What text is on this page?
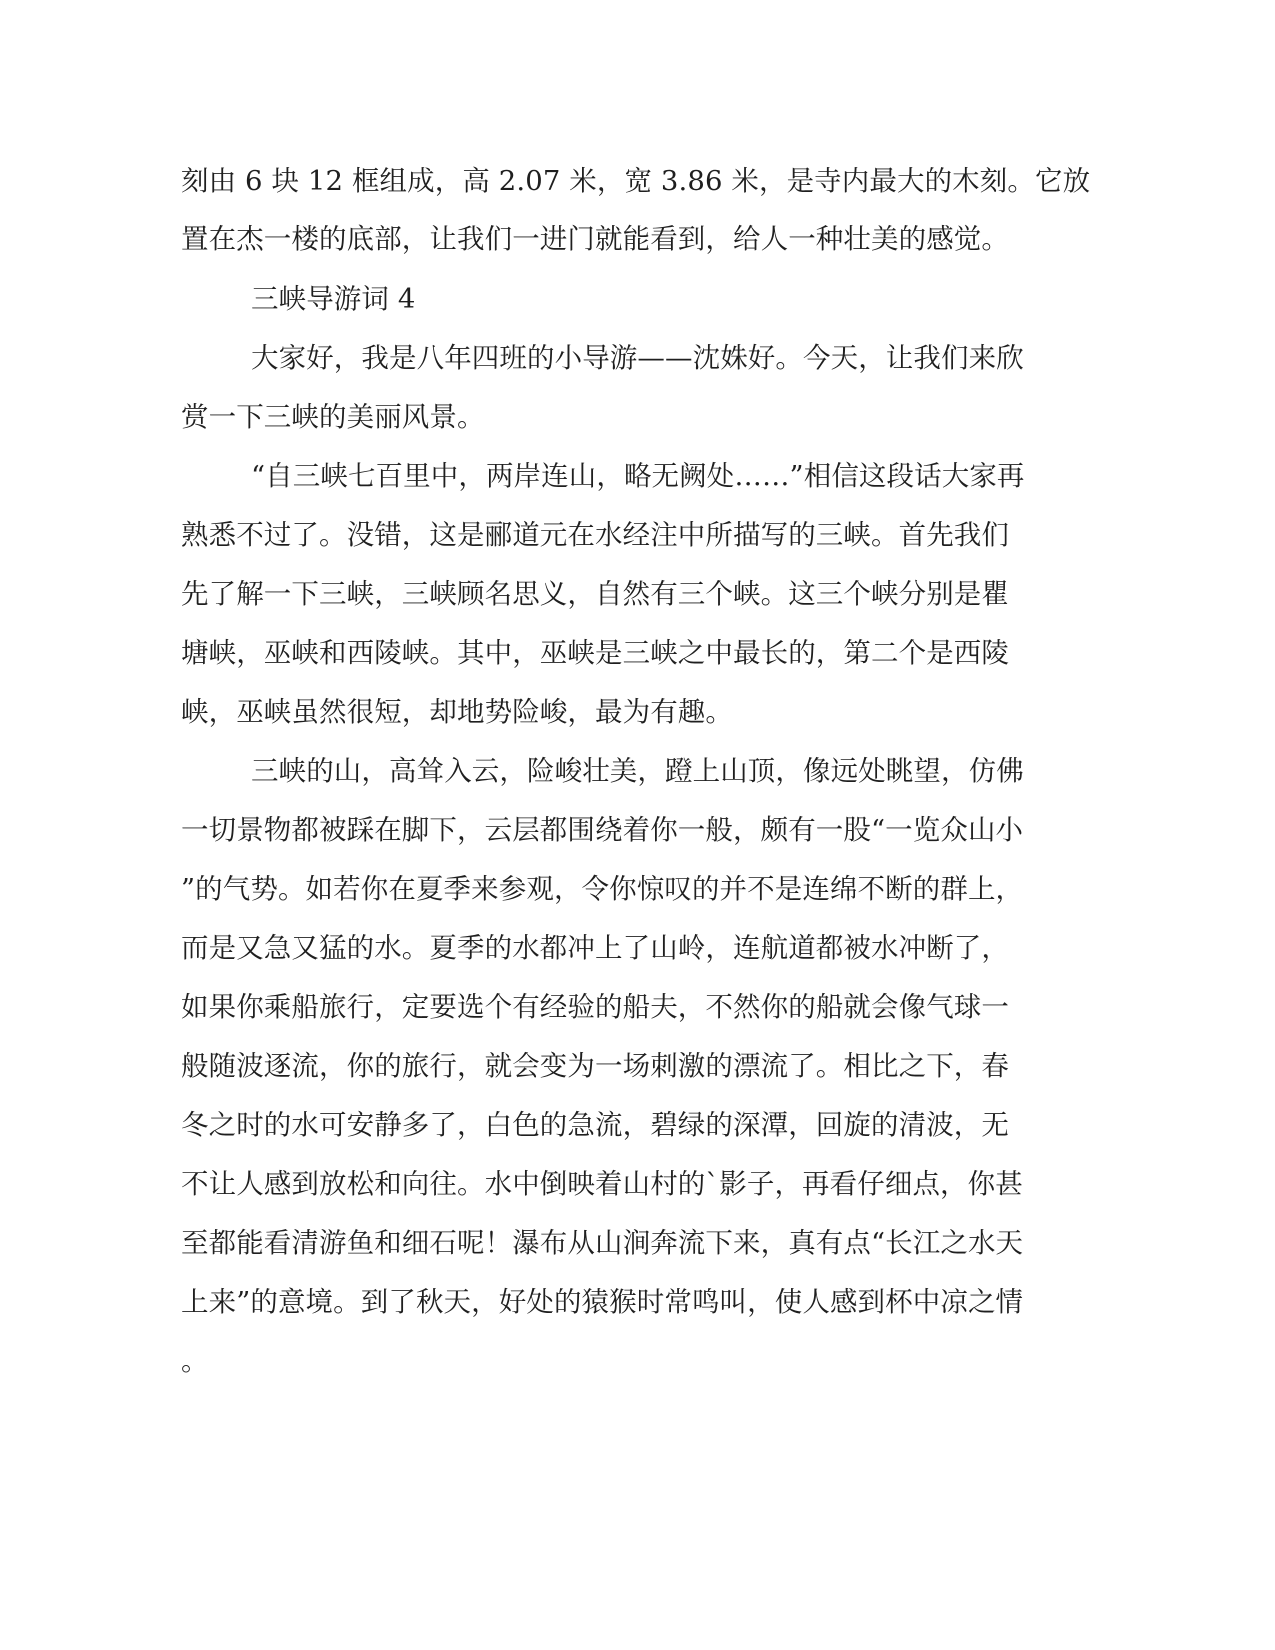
刻由 6 块 12 框组成，高 2.07 米，宽 3.86 米，是寺内最大的木刻。它放

置在杰一楼的底部，让我们一进门就能看到，给人一种壮美的感觉。

三峡导游词 4

大家好，我是八年四班的小导游——沈姝好。今天，让我们来欣

赏一下三峡的美丽风景。

“自三峡七百里中，两岸连山，略无阙处……”相信这段话大家再

熟悉不过了。没错，这是郦道元在水经注中所描写的三峡。首先我们

先了解一下三峡，三峡顾名思义，自然有三个峡。这三个峡分别是瞿

塘峡，巫峡和西陵峡。其中，巫峡是三峡之中最长的，第二个是西陵

峡，巫峡虽然很短，却地势险峻，最为有趣。

三峡的山，高耸入云，险峻壮美，蹬上山顶，像远处眺望，仿佛

一切景物都被踩在脚下，云层都围绕着你一般，颇有一股“一览众山小

”的气势。如若你在夏季来参观，令你惊叹的并不是连绵不断的群上，

而是又急又猛的水。夏季的水都冲上了山岭，连航道都被水冲断了，

如果你乘船旅行，定要选个有经验的船夫，不然你的船就会像气球一

般随波逐流，你的旅行，就会变为一场刺激的漂流了。相比之下，春

冬之时的水可安静多了，白色的急流，碧绿的深潭，回旋的清波，无

不让人感到放松和向往。水中倒映着山村的`影子，再看仔细点，你甚

至都能看清游鱼和细石呢！瀑布从山涧奔流下来，真有点“长江之水天

上来”的意境。到了秋天，好处的猿猴时常鸣叫，使人感到杯中凉之情

。
